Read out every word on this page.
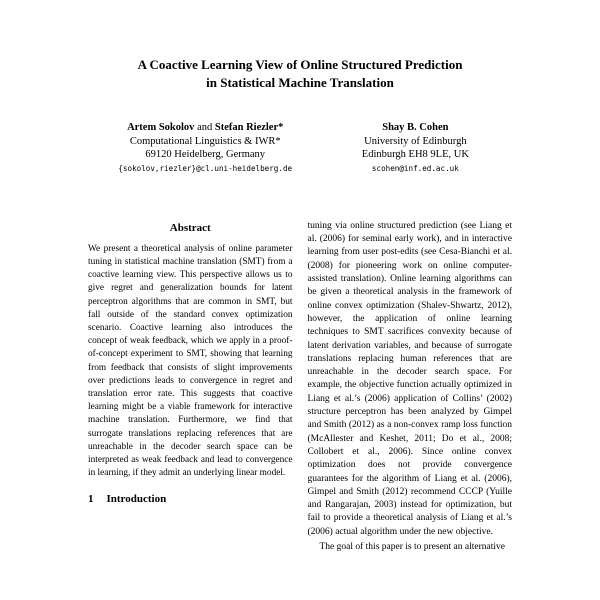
A Coactive Learning View of Online Structured Prediction
in Statistical Machine Translation
Artem Sokolov and Stefan Riezler*
Computational Linguistics & IWR*
69120 Heidelberg, Germany
{sokolov,riezler}@cl.uni-heidelberg.de
Shay B. Cohen
University of Edinburgh
Edinburgh EH8 9LE, UK
scohen@inf.ed.ac.uk
Abstract

We present a theoretical analysis of online parameter tuning in statistical machine translation (SMT) from a coactive learning view. This perspective allows us to give regret and generalization bounds for latent perceptron algorithms that are common in SMT, but fall outside of the standard convex optimization scenario. Coactive learning also introduces the concept of weak feedback, which we apply in a proof-of-concept experiment to SMT, showing that learning from feedback that consists of slight improvements over predictions leads to convergence in regret and translation error rate. This suggests that coactive learning might be a viable framework for interactive machine translation. Furthermore, we find that surrogate translations replacing references that are unreachable in the decoder search space can be interpreted as weak feedback and lead to convergence in learning, if they admit an underlying linear model.

1 Introduction

tuning via online structured prediction (see Liang et al. (2006) for seminal early work), and in interactive learning from user post-edits (see Cesa-Bianchi et al. (2008) for pioneering work on online computer-assisted translation). Online learning algorithms can be given a theoretical analysis in the framework of online convex optimization (Shalev-Shwartz, 2012), however, the application of online learning techniques to SMT sacrifices convexity because of latent derivation variables, and because of surrogate translations replacing human references that are unreachable in the decoder search space. For example, the objective function actually optimized in Liang et al.’s (2006) application of Collins’ (2002) structure perceptron has been analyzed by Gimpel and Smith (2012) as a non-convex ramp loss function (McAllester and Keshet, 2011; Do et al., 2008; Collobert et al., 2006). Since online convex optimization does not provide convergence guarantees for the algorithm of Liang et al. (2006), Gimpel and Smith (2012) recommend CCCP (Yuille and Rangarajan, 2003) instead for optimization, but fail to provide a theoretical analysis of Liang et al.’s (2006) actual algorithm under the new objective.

The goal of this paper is to present an alternative
